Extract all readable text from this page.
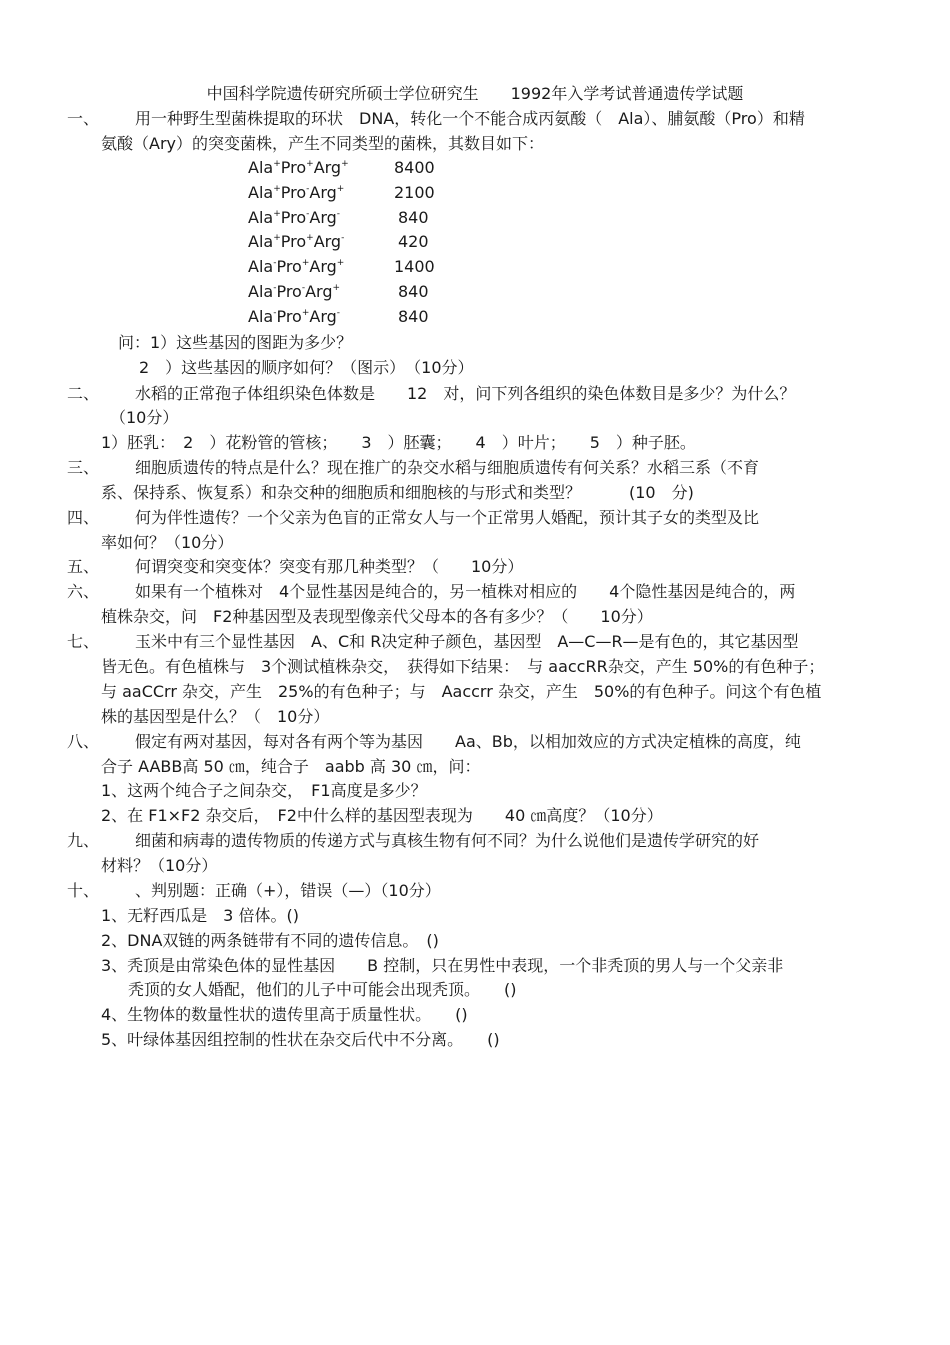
中国科学院遗传研究所硕士学位研究生　　1992年入学考试普通遗传学试题
一、 用一种野生型菌株提取的环状　DNA，转化一个不能合成丙氨酸（　Ala）、脯氨酸（Pro）和精
氨酸（Ary）的突变菌株，产生不同类型的菌株，其数目如下：
Ala+Pro+Arg+	8400
Ala+Pro-Arg+	2100
Ala+Pro-Arg-	840
Ala+Pro+Arg-	420
Ala-Pro+Arg+	1400
Ala-Pro-Arg+	840
Ala-Pro+Arg-	840
问：1）这些基因的图距为多少？
2　）这些基因的顺序如何？（图示）　（10分）
二、 水稻的正常孢子体组织染色体数是　　12　对，问下列各组织的染色体数目是多少？为什么？
（10分）
1）胚乳：　2　）花粉管的管核；　　3　）胚囊；　　4　）叶片；　　5　）种子胚。
三、 细胞质遗传的特点是什么？现在推广的杂交水稻与细胞质遗传有何关系？水稻三系（不育
系、保持系、恢复系）和杂交种的细胞质和细胞核的与形式和类型？　　　(10　分)
四、 何为伴性遗传？一个父亲为色盲的正常女人与一个正常男人婚配，预计其子女的类型及比
率如何？（10分）
五、 何谓突变和突变体？突变有那几种类型？（　　10分）
六、 如果有一个植株对　4个显性基因是纯合的，另一植株对相应的　　4个隐性基因是纯合的，两
植株杂交，问　F2种基因型及表现型像亲代父母本的各有多少？（　　10分）
七、 玉米中有三个显性基因　A、C和 R决定种子颜色，基因型　A—C—R—是有色的，其它基因型
皆无色。有色植株与　3个测试植株杂交，　获得如下结果：　与 aaccRR杂交，产生 50%的有色种子；
与 aaCCrr 杂交，产生　25%的有色种子；与　Aaccrr 杂交，产生　50%的有色种子。问这个有色植
株的基因型是什么？（　10分）
八、 假定有两对基因，每对各有两个等为基因　　Aa、Bb，以相加效应的方式决定植株的高度，纯
合子 AABB高 50 ㎝，纯合子　aabb 高 30 ㎝，问：
1、这两个纯合子之间杂交，　F1高度是多少？
2、在 F1×F2 杂交后，　F2中什么样的基因型表现为　　40 ㎝高度？（10分）
九、 细菌和病毒的遗传物质的传递方式与真核生物有何不同？为什么说他们是遗传学研究的好
材料？（10分）
十、 、判别题：正确（+），错误（—）（10分）
1、无籽西瓜是　3 倍体。()
2、DNA双链的两条链带有不同的遗传信息。　()
3、秃顶是由常染色体的显性基因　　B 控制，只在男性中表现，一个非秃顶的男人与一个父亲非
秃顶的女人婚配，他们的儿子中可能会出现秃顶。　　()
4、生物体的数量性状的遗传里高于质量性状。　　()
5、叶绿体基因组控制的性状在杂交后代中不分离。　　()
